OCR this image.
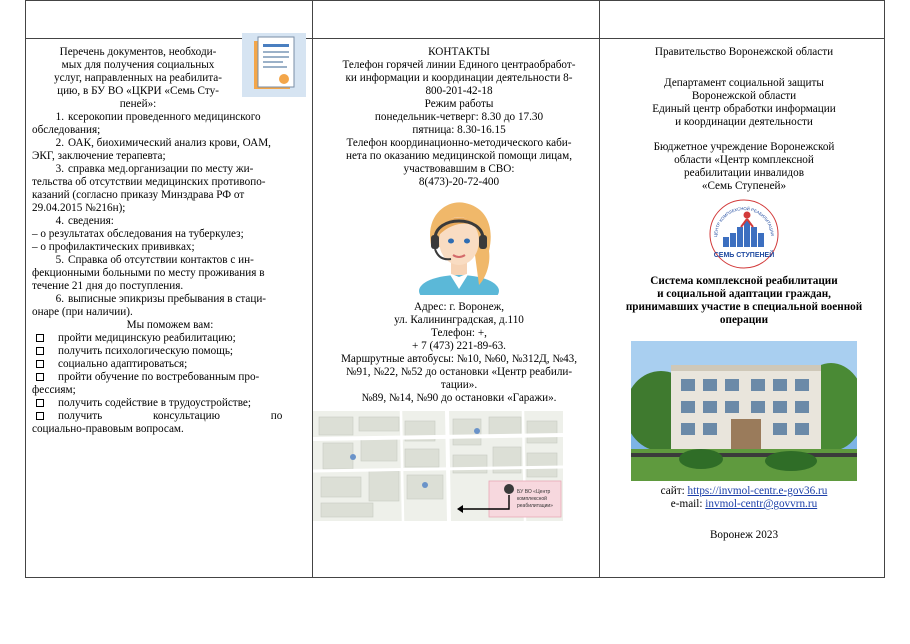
Перечень документов, необходи-

мых для получения социальных

услуг, направленных на реабилита-

цию, в БУ ВО «ЦКРИ «Семь Сту-

пеней»:

1. ксерокопии проведенного медицинского

обследования;

2. ОАК, биохимический анализ крови, ОАМ,

ЭКГ, заключение терапевта;

3. справка мед.организации по месту жи-

тельства об отсутствии медицинских противопо-

казаний (согласно приказу Минздрава РФ от

29.04.2015 №216н);

4. сведения:

– о результатах обследования на туберкулез;

– о профилактических прививках;

5. Справка об отсутствии контактов с ин-

фекционными больными по месту проживания в

течение 21 дня до поступления.

6. выписные эпикризы пребывания в стаци-

онаре (при наличии).

Мы поможем вам:

пройти медицинскую реабилитацию;
получить психологическую помощь;
социально адаптироваться;
пройти обучение по востребованным про-

фессиям;

получить содействие в трудоустройстве;
получить консультацию по

социально-правовым вопросам.

КОНТАКТЫ

Телефон горячей линии Единого центраобработ-

ки информации и координации деятельности 8-

800-201-42-18

Режим работы

понедельник-четверг: 8.30 до 17.30

пятница: 8.30-16.15

Телефон координационно-методического каби-

нета по оказанию медицинской помощи лицам,

участвовавшим в СВО:

8(473)-20-72-400

Адрес: г. Воронеж,

ул. Калининградская, д.110

Телефон: +,

+ 7 (473) 221-89-63.

Маршрутные автобусы: №10, №60, №312Д, №43,

№91, №22, №52 до остановки «Центр реабили-

тации».

№89, №14, №90 до остановки «Гаражи».

БУ ВО «Центр
комплексной
реабилитации»

Правительство Воронежской области

Департамент социальной защиты

Воронежской области

Единый центр обработки информации

и координации деятельности

Бюджетное учреждение Воронежской

области «Центр комплексной

реабилитации инвалидов

«Семь Ступеней»

ЦЕНТР КОМПЛЕКСНОЙ РЕАБИЛИТАЦИИ
СЕМЬ СТУПЕНЕЙ

Система комплексной реабилитации

и социальной адаптации граждан,

принимавших участие в специальной военной

операции

сайт: https://invmol-centr.e-gov36.ru

e-mail: invmol-centr@govvrn.ru

Воронеж 2023
